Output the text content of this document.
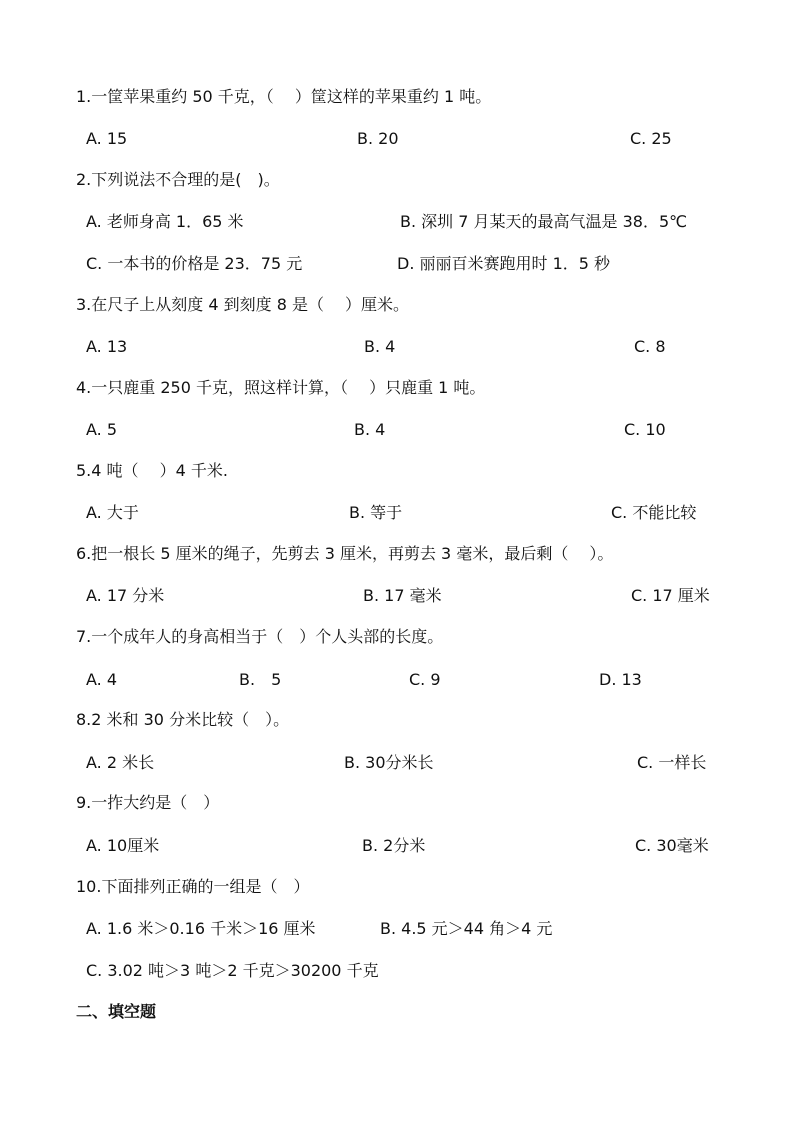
1.一筐苹果重约 50 千克，（　 ）筐这样的苹果重约 1 吨。
A. 15	B. 20	C. 25
2.下列说法不合理的是(　)。
A. 老师身高 1．65 米	B. 深圳 7 月某天的最高气温是 38．5℃
C. 一本书的价格是 23．75 元	D. 丽丽百米赛跑用时 1．5 秒
3.在尺子上从刻度 4 到刻度 8 是（　 ）厘米。
A. 13	B. 4	C. 8
4.一只鹿重 250 千克，照这样计算，（　 ）只鹿重 1 吨。
A. 5	B. 4	C. 10
5.4 吨（　 ）4 千米.
A. 大于	B. 等于	C. 不能比较
6.把一根长 5 厘米的绳子，先剪去 3 厘米，再剪去 3 毫米，最后剩（　 ）。
A. 17 分米	B. 17 毫米	C. 17 厘米
7.一个成年人的身高相当于（　）个人头部的长度。
A. 4	B.　5	C. 9	D. 13
8.2 米和 30 分米比较（　）。
A. 2 米长	B. 30分米长	C. 一样长
9.一拃大约是（　）
A. 10厘米	B. 2分米	C. 30毫米
10.下面排列正确的一组是（　）
A. 1.6 米＞0.16 千米＞16 厘米	B. 4.5 元＞44 角＞4 元
C. 3.02 吨＞3 吨＞2 千克＞30200 千克
二、填空题
